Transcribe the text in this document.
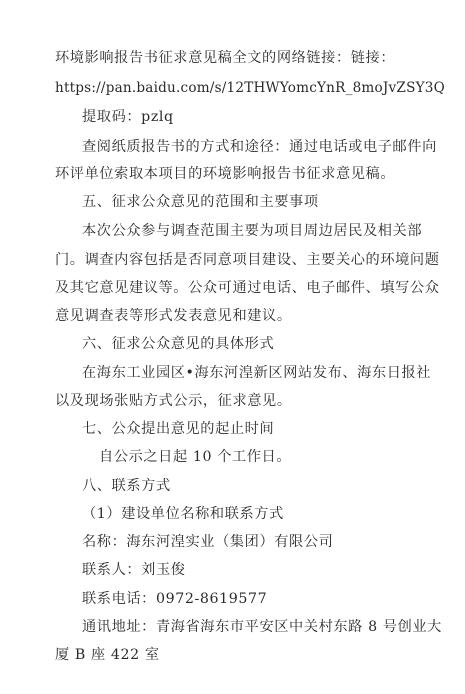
环境影响报告书征求意见稿全文的网络链接：链接：
https://pan.baidu.com/s/12THWYomcYnR_8moJvZSY3Q
提取码：pzlq
查阅纸质报告书的方式和途径：通过电话或电子邮件向
环评单位索取本项目的环境影响报告书征求意见稿。
五、征求公众意见的范围和主要事项
本次公众参与调查范围主要为项目周边居民及相关部
门。调查内容包括是否同意项目建设、主要关心的环境问题
及其它意见建议等。公众可通过电话、电子邮件、填写公众
意见调查表等形式发表意见和建议。
六、征求公众意见的具体形式
在海东工业园区•海东河湟新区网站发布、海东日报社
以及现场张贴方式公示，征求意见。
七、公众提出意见的起止时间
自公示之日起 10 个工作日。
八、联系方式
（1）建设单位名称和联系方式
名称：海东河湟实业（集团）有限公司
联系人：刘玉俊
联系电话：0972-8619577
通讯地址：青海省海东市平安区中关村东路 8 号创业大
厦 B 座 422 室
